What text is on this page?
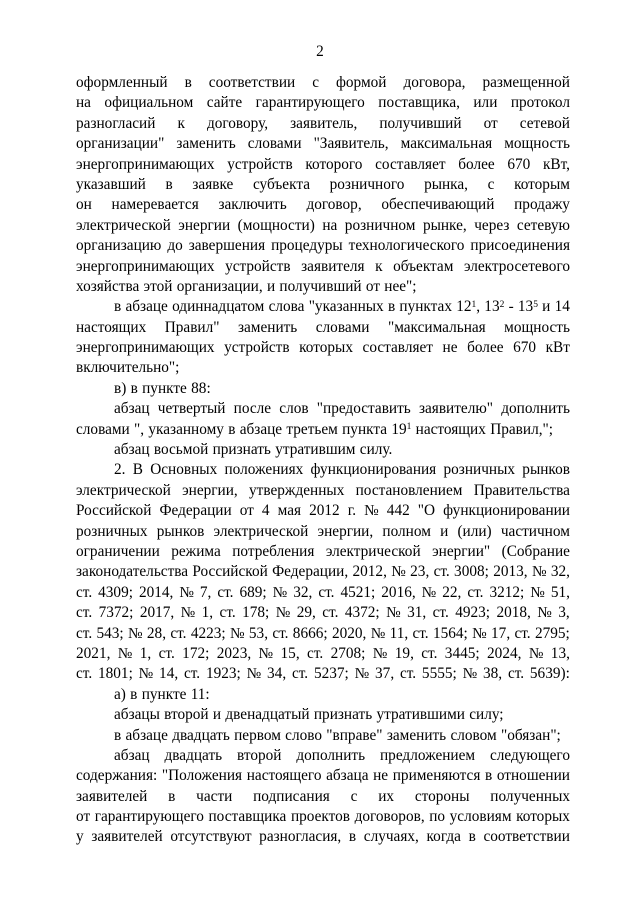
2
оформленный в соответствии с формой договора, размещенной
на официальном сайте гарантирующего поставщика, или протокол
разногласий к договору, заявитель, получивший от сетевой
организации" заменить словами "Заявитель, максимальная мощность
энергопринимающих устройств которого составляет более 670 кВт,
указавший в заявке субъекта розничного рынка, с которым
он намеревается заключить договор, обеспечивающий продажу
электрической энергии (мощности) на розничном рынке, через сетевую
организацию до завершения процедуры технологического присоединения
энергопринимающих устройств заявителя к объектам электросетевого
хозяйства этой организации, и получивший от нее";
в абзаце одиннадцатом слова "указанных в пунктах $12^1$, $13^2 - 13^5$ и 14
настоящих Правил" заменить словами "максимальная мощность
энергопринимающих устройств которых составляет не более 670 кВт
включительно";
в) в пункте 88:
абзац четвертый после слов "предоставить заявителю" дополнить
словами ", указанному в абзаце третьем пункта $19^1$ настоящих Правил,";
абзац восьмой признать утратившим силу.
2. В Основных положениях функционирования розничных рынков
электрической энергии, утвержденных постановлением Правительства
Российской Федерации от 4 мая 2012 г. № 442 "О функционировании
розничных рынков электрической энергии, полном и (или) частичном
ограничении режима потребления электрической энергии" (Собрание
законодательства Российской Федерации, 2012, № 23, ст. 3008; 2013, № 32,
ст. 4309; 2014, № 7, ст. 689; № 32, ст. 4521; 2016, № 22, ст. 3212; № 51,
ст. 7372; 2017, № 1, ст. 178; № 29, ст. 4372; № 31, ст. 4923; 2018, № 3,
ст. 543; № 28, ст. 4223; № 53, ст. 8666; 2020, № 11, ст. 1564; № 17, ст. 2795;
2021, № 1, ст. 172; 2023, № 15, ст. 2708; № 19, ст. 3445; 2024, № 13,
ст. 1801; № 14, ст. 1923; № 34, ст. 5237; № 37, ст. 5555; № 38, ст. 5639):
а) в пункте 11:
абзацы второй и двенадцатый признать утратившими силу;
в абзаце двадцать первом слово "вправе" заменить словом "обязан";
абзац двадцать второй дополнить предложением следующего
содержания: "Положения настоящего абзаца не применяются в отношении
заявителей в части подписания с их стороны полученных
от гарантирующего поставщика проектов договоров, по условиям которых
у заявителей отсутствуют разногласия, в случаях, когда в соответствии
